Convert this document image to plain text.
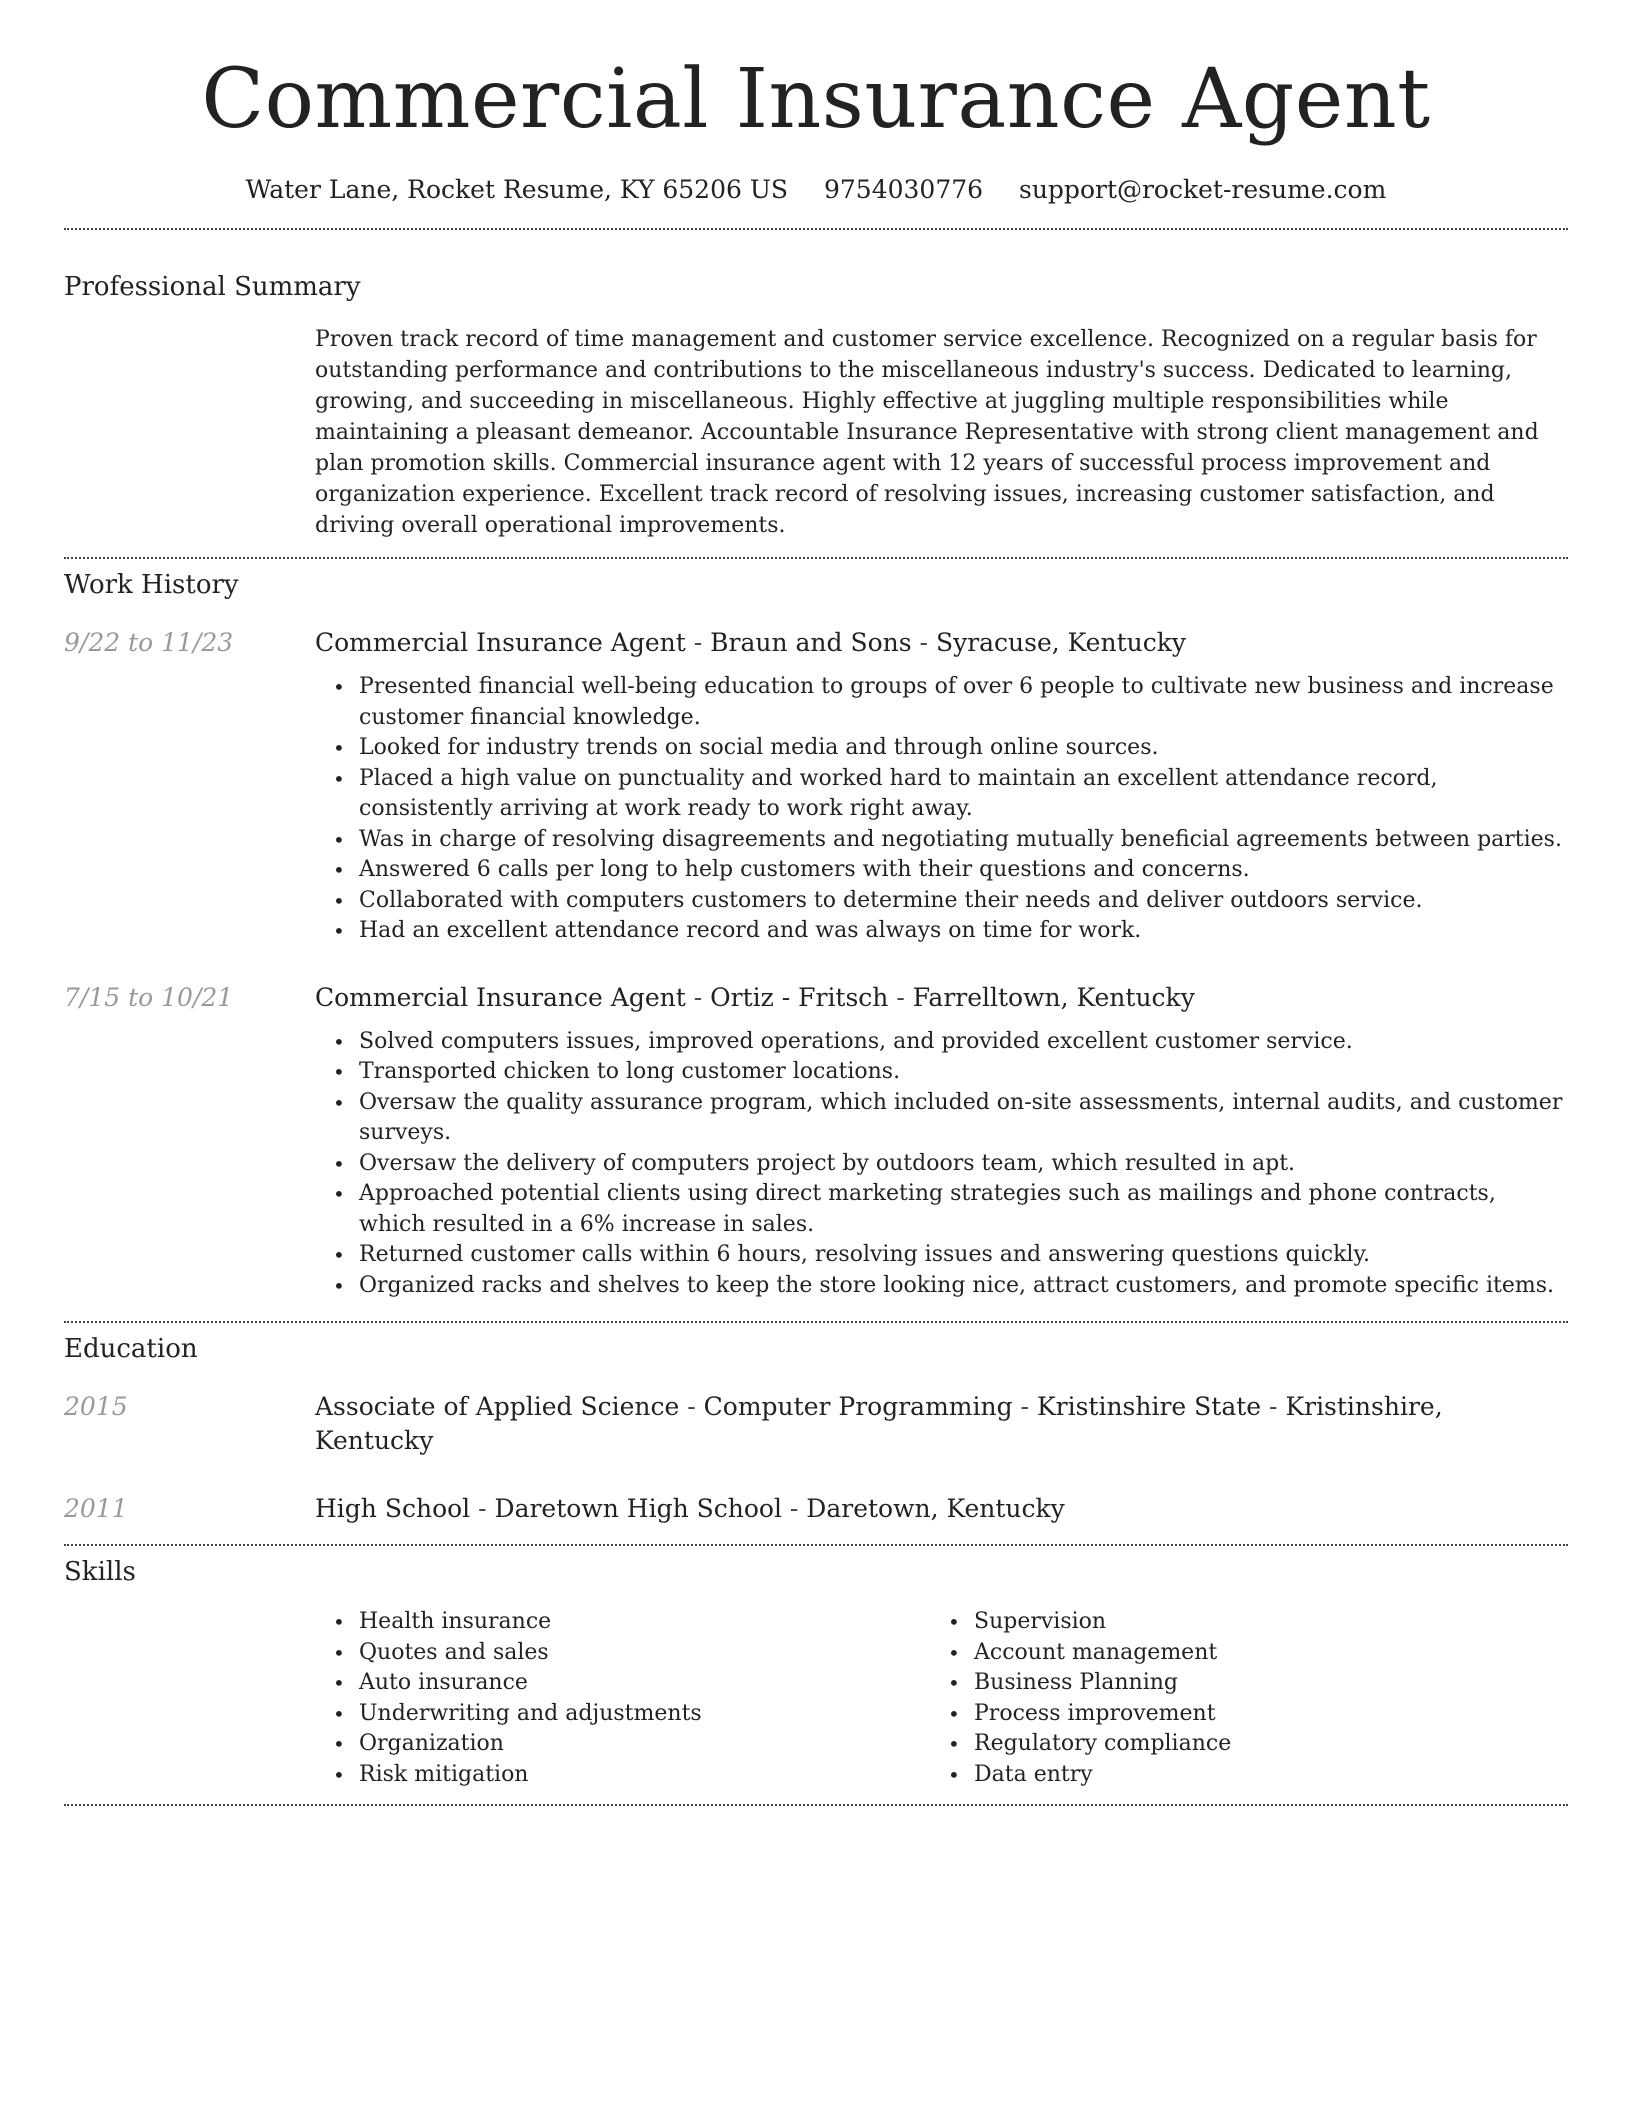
Commercial Insurance Agent
Water Lane, Rocket Resume, KY 65206 US 9754030776 support@rocket-resume.com
Professional Summary

Proven track record of time management and customer service excellence. Recognized on a regular basis for outstanding performance and contributions to the miscellaneous industry's success. Dedicated to learning, growing, and succeeding in miscellaneous. Highly effective at juggling multiple responsibilities while maintaining a pleasant demeanor. Accountable Insurance Representative with strong client management and plan promotion skills. Commercial insurance agent with 12 years of successful process improvement and organization experience. Excellent track record of resolving issues, increasing customer satisfaction, and driving overall operational improvements.

Work History
9/22 to 11/23	Commercial Insurance Agent - Braun and Sons - Syracuse, Kentucky
• Presented financial well-being education to groups of over 6 people to cultivate new business and increase customer financial knowledge.
• Looked for industry trends on social media and through online sources.
• Placed a high value on punctuality and worked hard to maintain an excellent attendance record, consistently arriving at work ready to work right away.
• Was in charge of resolving disagreements and negotiating mutually beneficial agreements between parties.
• Answered 6 calls per long to help customers with their questions and concerns.
• Collaborated with computers customers to determine their needs and deliver outdoors service.
• Had an excellent attendance record and was always on time for work.
7/15 to 10/21	Commercial Insurance Agent - Ortiz - Fritsch - Farrelltown, Kentucky
• Solved computers issues, improved operations, and provided excellent customer service.
• Transported chicken to long customer locations.
• Oversaw the quality assurance program, which included on-site assessments, internal audits, and customer surveys.
• Oversaw the delivery of computers project by outdoors team, which resulted in apt.
• Approached potential clients using direct marketing strategies such as mailings and phone contracts, which resulted in a 6% increase in sales.
• Returned customer calls within 6 hours, resolving issues and answering questions quickly.
• Organized racks and shelves to keep the store looking nice, attract customers, and promote specific items.
Education
2015	Associate of Applied Science - Computer Programming - Kristinshire State - Kristinshire, Kentucky
2011	High School - Daretown High School - Daretown, Kentucky
Skills
• Health insurance
• Quotes and sales
• Auto insurance
• Underwriting and adjustments
• Organization
• Risk mitigation
• Supervision
• Account management
• Business Planning
• Process improvement
• Regulatory compliance
• Data entry
